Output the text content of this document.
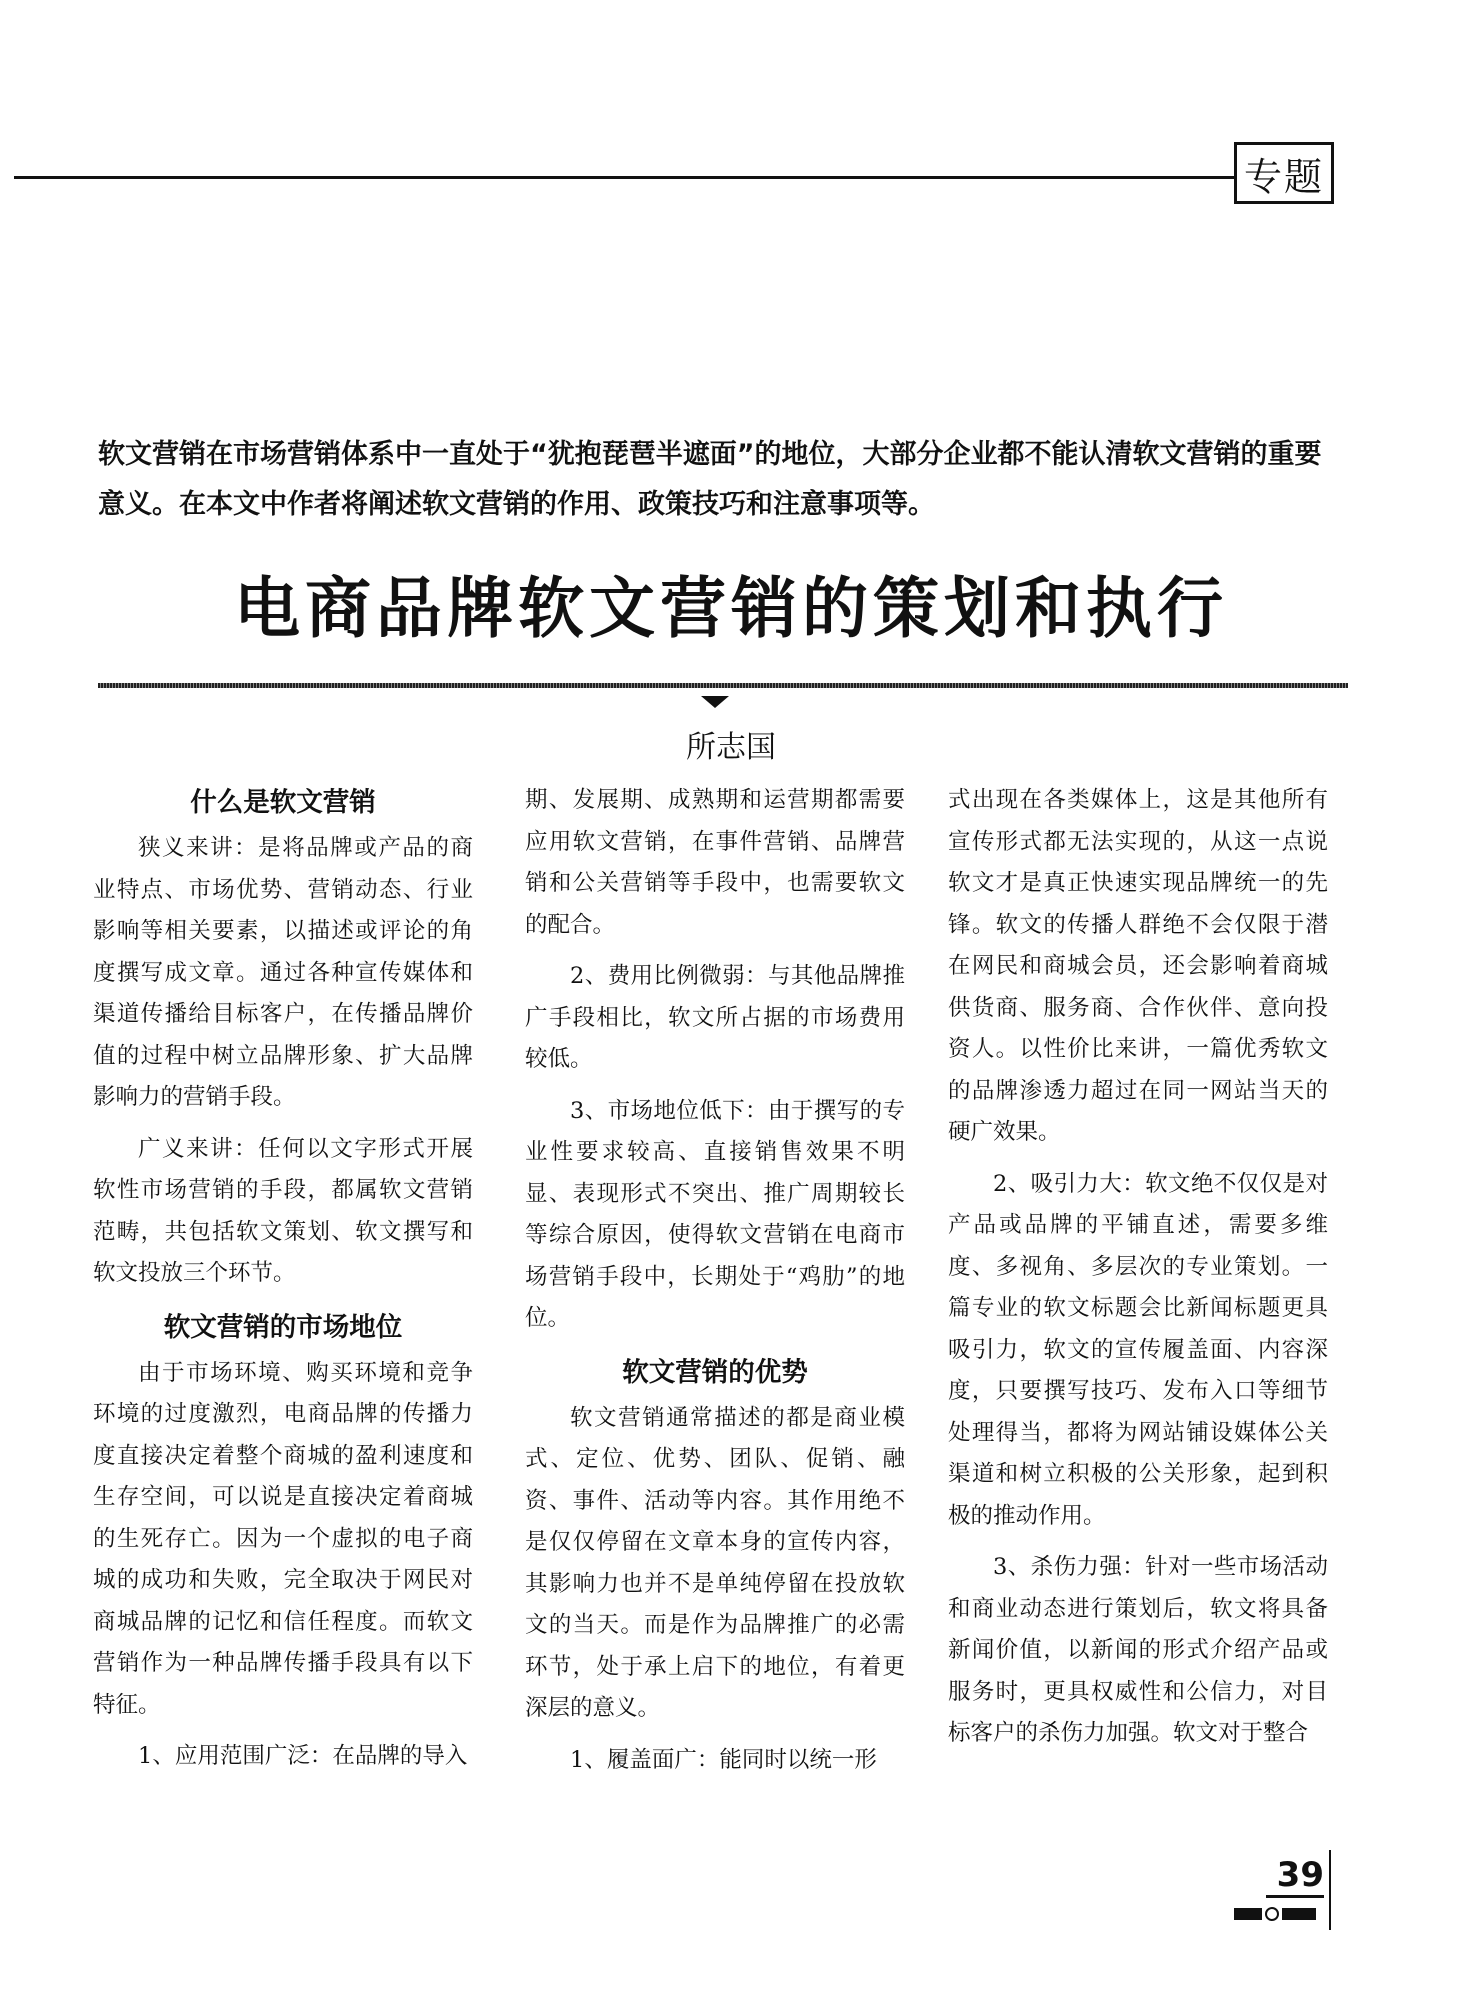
专题
软文营销在市场营销体系中一直处于“犹抱琵琶半遮面”的地位，大部分企业都不能认清软文营销的重要意义。在本文中作者将阐述软文营销的作用、政策技巧和注意事项等。
电商品牌软文营销的策划和执行
所志国
什么是软文营销

狭义来讲：是将品牌或产品的商业特点、市场优势、营销动态、行业影响等相关要素，以描述或评论的角度撰写成文章。通过各种宣传媒体和渠道传播给目标客户，在传播品牌价值的过程中树立品牌形象、扩大品牌影响力的营销手段。

广义来讲：任何以文字形式开展软性市场营销的手段，都属软文营销范畴，共包括软文策划、软文撰写和软文投放三个环节。

软文营销的市场地位

由于市场环境、购买环境和竞争环境的过度激烈，电商品牌的传播力度直接决定着整个商城的盈利速度和生存空间，可以说是直接决定着商城的生死存亡。因为一个虚拟的电子商城的成功和失败，完全取决于网民对商城品牌的记忆和信任程度。而软文营销作为一种品牌传播手段具有以下特征。

1、应用范围广泛：在品牌的导入

期、发展期、成熟期和运营期都需要应用软文营销，在事件营销、品牌营销和公关营销等手段中，也需要软文的配合。

2、费用比例微弱：与其他品牌推广手段相比，软文所占据的市场费用较低。

3、市场地位低下：由于撰写的专业性要求较高、直接销售效果不明显、表现形式不突出、推广周期较长等综合原因，使得软文营销在电商市场营销手段中，长期处于“鸡肋”的地位。

软文营销的优势

软文营销通常描述的都是商业模式、定位、优势、团队、促销、融资、事件、活动等内容。其作用绝不是仅仅停留在文章本身的宣传内容，其影响力也并不是单纯停留在投放软文的当天。而是作为品牌推广的必需环节，处于承上启下的地位，有着更深层的意义。

1、履盖面广：能同时以统一形

式出现在各类媒体上，这是其他所有宣传形式都无法实现的，从这一点说软文才是真正快速实现品牌统一的先锋。软文的传播人群绝不会仅限于潜在网民和商城会员，还会影响着商城供货商、服务商、合作伙伴、意向投资人。以性价比来讲，一篇优秀软文的品牌渗透力超过在同一网站当天的硬广效果。

2、吸引力大：软文绝不仅仅是对产品或品牌的平铺直述，需要多维度、多视角、多层次的专业策划。一篇专业的软文标题会比新闻标题更具吸引力，软文的宣传履盖面、内容深度，只要撰写技巧、发布入口等细节处理得当，都将为网站铺设媒体公关渠道和树立积极的公关形象，起到积极的推动作用。

3、杀伤力强：针对一些市场活动和商业动态进行策划后，软文将具备新闻价值，以新闻的形式介绍产品或服务时，更具权威性和公信力，对目标客户的杀伤力加强。软文对于整合

39
